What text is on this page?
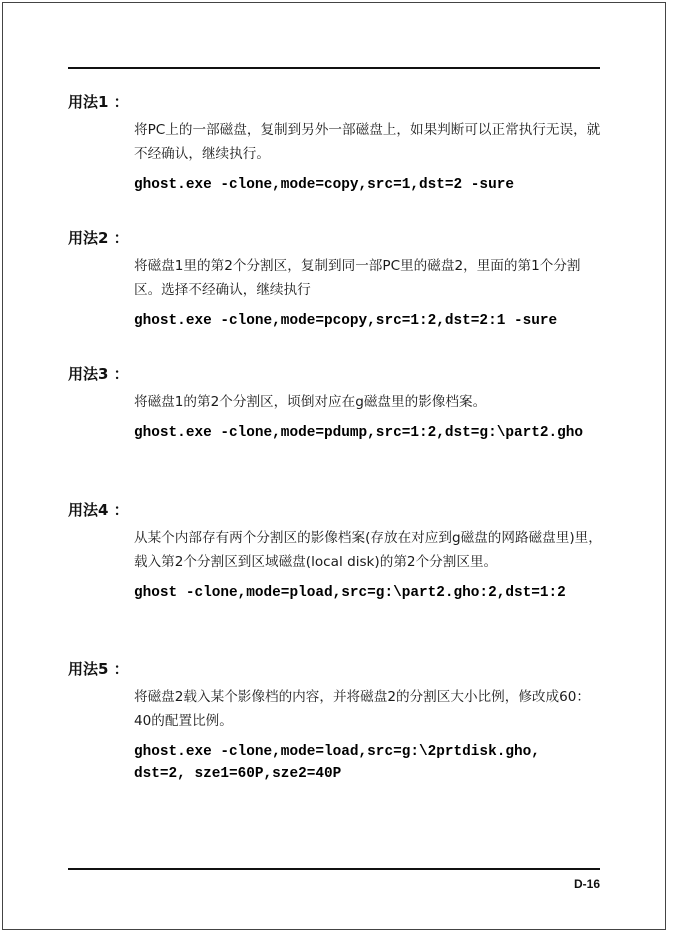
用法1 ：

将PC上的一部磁盘，复制到另外一部磁盘上，如果判断可以正常执行无误，就不经确认，继续执行。
ghost.exe -clone,mode=copy,src=1,dst=2 -sure

用法2 ：

将磁盘1里的第2个分割区，复制到同一部PC里的磁盘2，里面的第1个分割区。选择不经确认，继续执行
ghost.exe -clone,mode=pcopy,src=1:2,dst=2:1 -sure

用法3 ：

将磁盘1的第2个分割区，顷倒对应在g磁盘里的影像档案。
ghost.exe -clone,mode=pdump,src=1:2,dst=g:\part2.gho

用法4 ：

从某个内部存有两个分割区的影像档案(存放在对应到g磁盘的网路磁盘里)里，载入第2个分割区到区域磁盘(local disk)的第2个分割区里。
ghost -clone,mode=pload,src=g:\part2.gho:2,dst=1:2

用法5 ：

将磁盘2载入某个影像档的内容，并将磁盘2的分割区大小比例，修改成60：40的配置比例。
ghost.exe -clone,mode=load,src=g:\2prtdisk.gho,
dst=2, sze1=60P,sze2=40P
D-16
